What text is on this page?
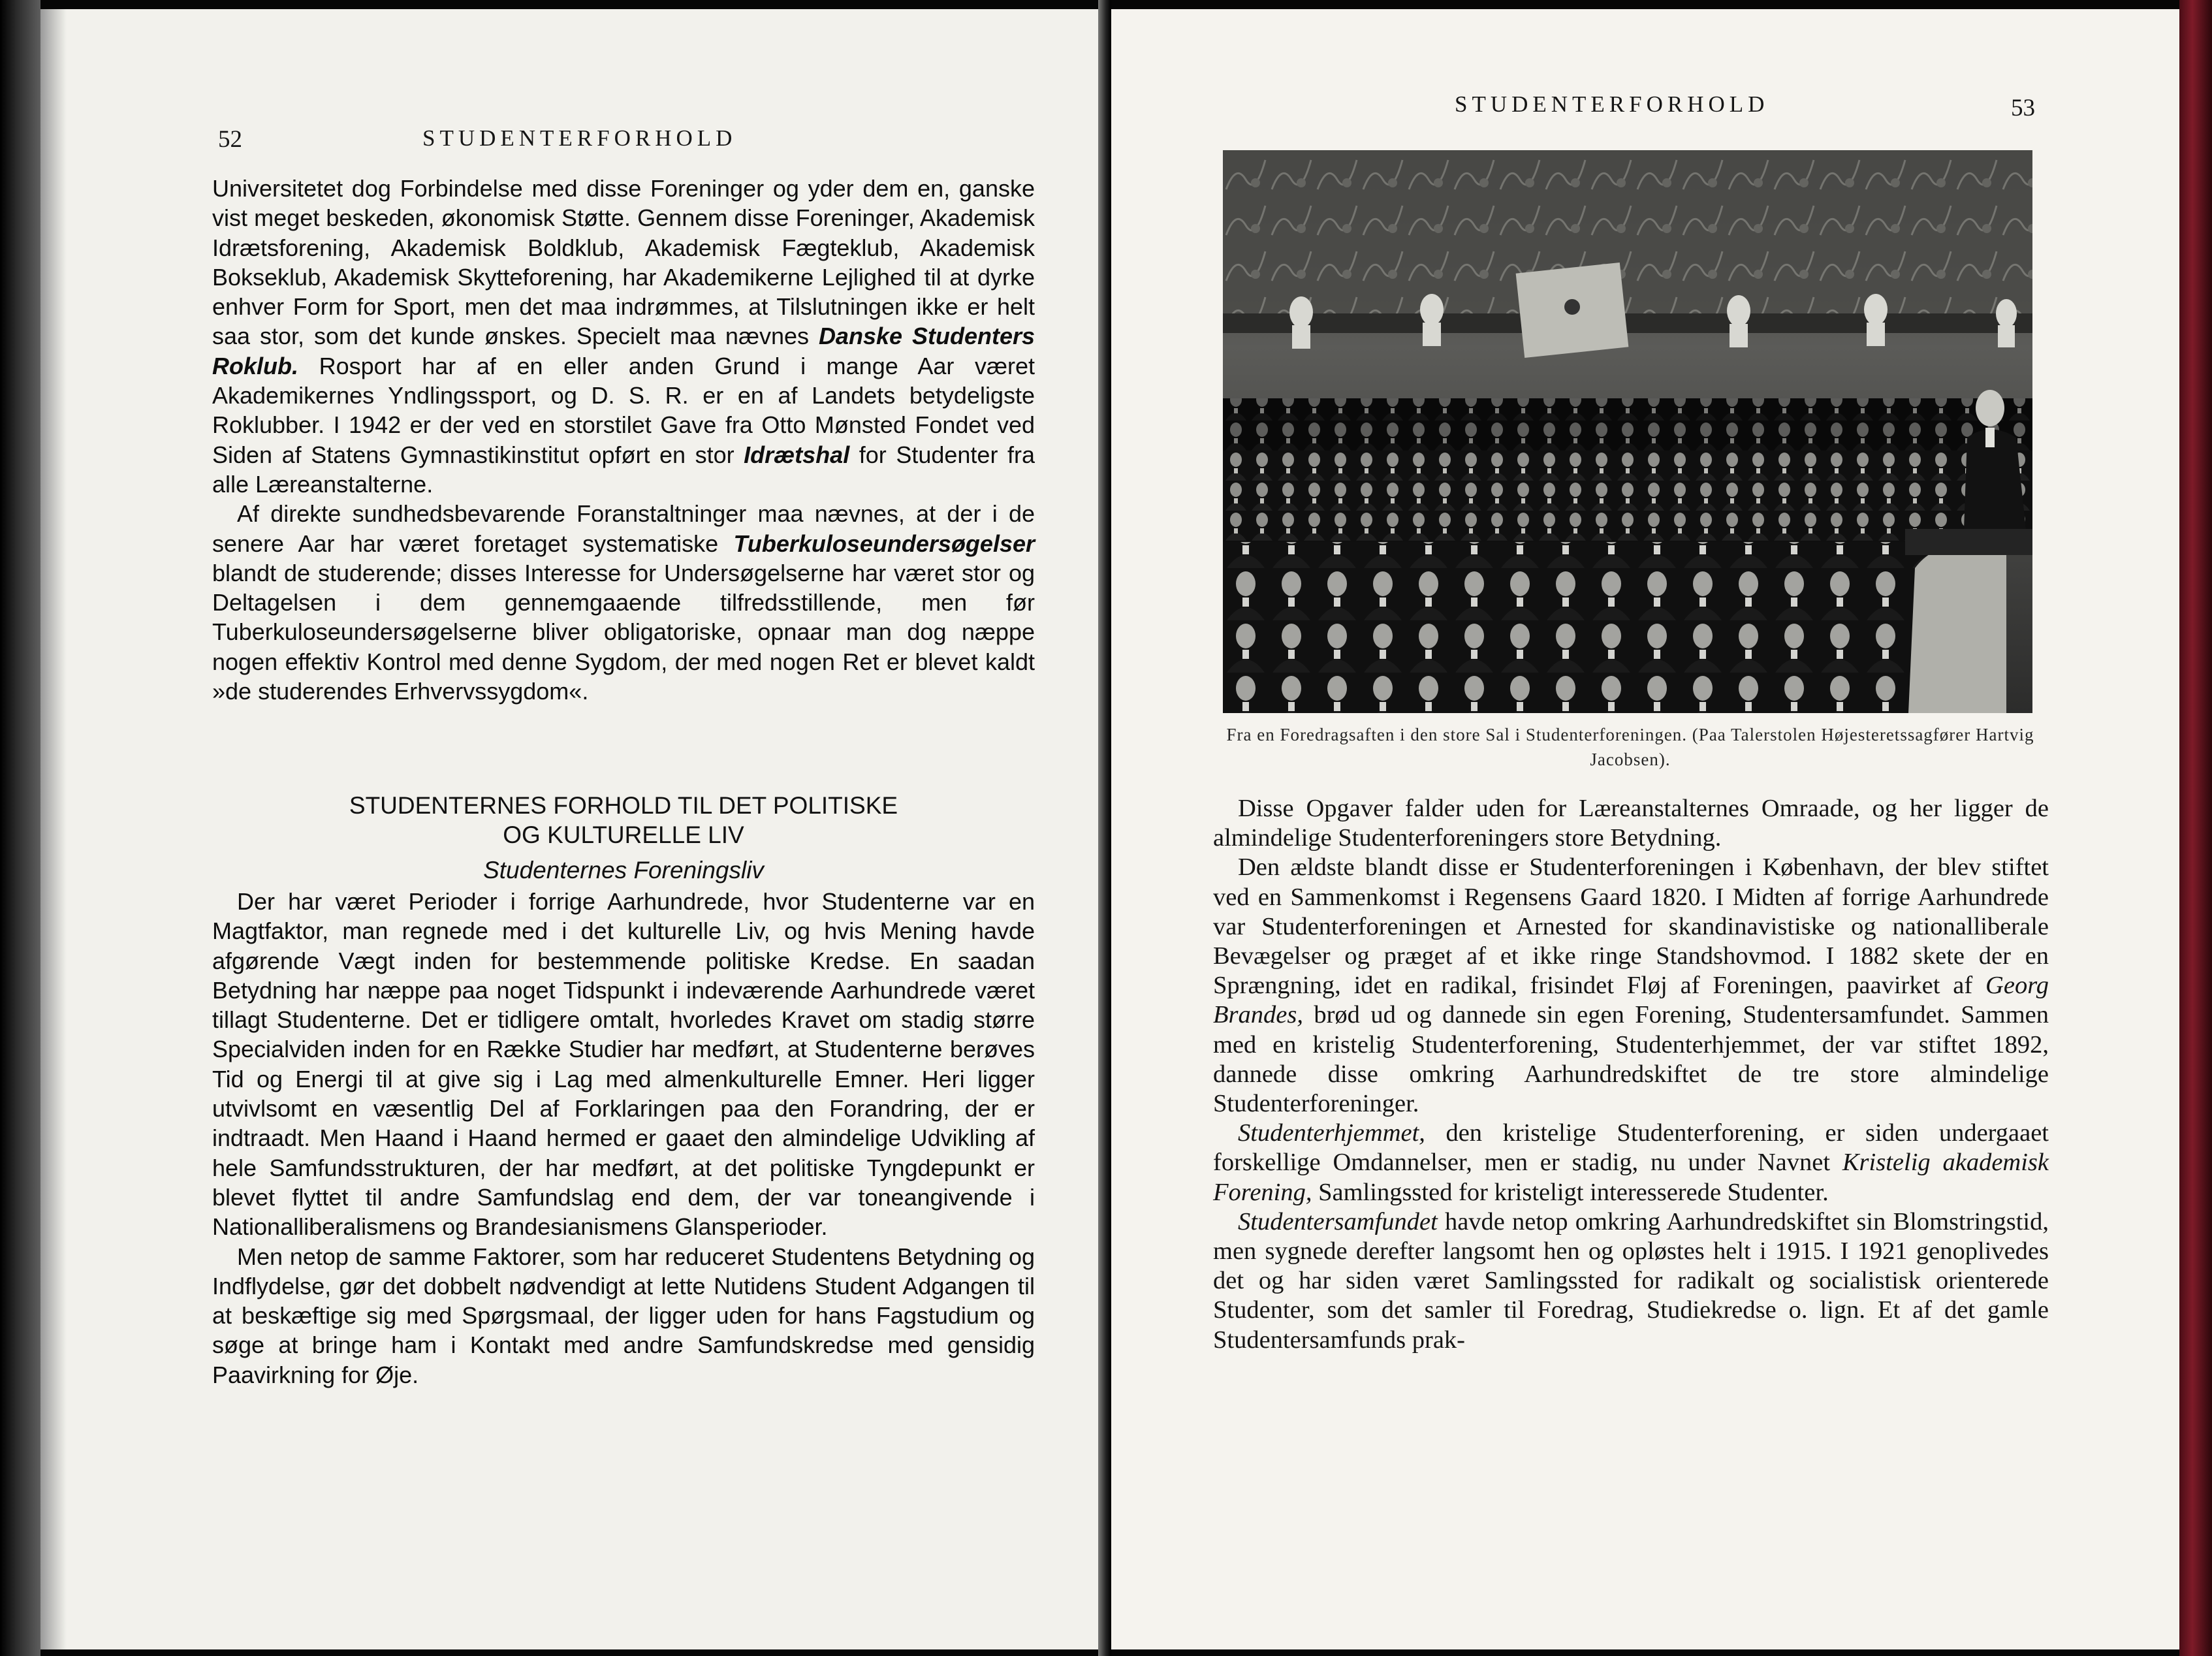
52	STUDENTERFORHOLD

Universitetet dog Forbindelse med disse Foreninger og yder dem en, ganske vist meget beskeden, økonomisk Støtte. Gennem disse Foreninger, Akademisk Idrætsforening, Akademisk Boldklub, Akademisk Fægteklub, Akademisk Bokseklub, Akademisk Skytteforening, har Akademikerne Lejlighed til at dyrke enhver Form for Sport, men det maa indrømmes, at Tilslutningen ikke er helt saa stor, som det kunde ønskes. Specielt maa nævnes Danske Studenters Roklub. Rosport har af en eller anden Grund i mange Aar været Akademikernes Yndlingssport, og D. S. R. er en af Landets betydeligste Roklubber. I 1942 er der ved en storstilet Gave fra Otto Mønsted Fondet ved Siden af Statens Gymnastikinstitut opført en stor Idrætshal for Studenter fra alle Læreanstalterne.

Af direkte sundhedsbevarende Foranstaltninger maa nævnes, at der i de senere Aar har været foretaget systematiske Tuberkuloseundersøgelser blandt de studerende; disses Interesse for Undersøgelserne har været stor og Deltagelsen i dem gennemgaaende tilfredsstillende, men før Tuberkuloseundersøgelserne bliver obligatoriske, opnaar man dog næppe nogen effektiv Kontrol med denne Sygdom, der med nogen Ret er blevet kaldt »de studerendes Erhvervssygdom«.

STUDENTERNES FORHOLD TIL DET POLITISKE
OG KULTURELLE LIV
Studenternes Foreningsliv

Der har været Perioder i forrige Aarhundrede, hvor Studenterne var en Magtfaktor, man regnede med i det kulturelle Liv, og hvis Mening havde afgørende Vægt inden for bestemmende politiske Kredse. En saadan Betydning har næppe paa noget Tidspunkt i indeværende Aarhundrede været tillagt Studenterne. Det er tidligere omtalt, hvorledes Kravet om stadig større Specialviden inden for en Række Studier har medført, at Studenterne berøves Tid og Energi til at give sig i Lag med almenkulturelle Emner. Heri ligger utvivlsomt en væsentlig Del af Forklaringen paa den Forandring, der er indtraadt. Men Haand i Haand hermed er gaaet den almindelige Udvikling af hele Samfundsstrukturen, der har medført, at det politiske Tyngdepunkt er blevet flyttet til andre Samfundslag end dem, der var toneangivende i Nationalliberalismens og Brandesianismens Glansperioder.

Men netop de samme Faktorer, som har reduceret Studentens Betydning og Indflydelse, gør det dobbelt nødvendigt at lette Nutidens Student Adgangen til at beskæftige sig med Spørgsmaal, der ligger uden for hans Fagstudium og søge at bringe ham i Kontakt med andre Samfundskredse med gensidig Paavirkning for Øje.

STUDENTERFORHOLD	53
Fra en Foredragsaften i den store Sal i Studenterforeningen. (Paa Talerstolen Højesteretssagfører Hartvig Jacobsen).

Disse Opgaver falder uden for Læreanstalternes Omraade, og her ligger de almindelige Studenterforeningers store Betydning.

Den ældste blandt disse er Studenterforeningen i København, der blev stiftet ved en Sammenkomst i Regensens Gaard 1820. I Midten af forrige Aarhundrede var Studenterforeningen et Arnested for skandinavistiske og nationalliberale Bevægelser og præget af et ikke ringe Standshovmod. I 1882 skete der en Sprængning, idet en radikal, frisindet Fløj af Foreningen, paavirket af Georg Brandes, brød ud og dannede sin egen Forening, Studentersamfundet. Sammen med en kristelig Studenterforening, Studenterhjemmet, der var stiftet 1892, dannede disse omkring Aarhundredskiftet de tre store almindelige Studenterforeninger.

Studenterhjemmet, den kristelige Studenterforening, er siden undergaaet forskellige Omdannelser, men er stadig, nu under Navnet Kristelig akademisk Forening, Samlingssted for kristeligt interesserede Studenter.

Studentersamfundet havde netop omkring Aarhundredskiftet sin Blomstringstid, men sygnede derefter langsomt hen og opløstes helt i 1915. I 1921 genoplivedes det og har siden været Samlingssted for radikalt og socialistisk orienterede Studenter, som det samler til Foredrag, Studiekredse o. lign. Et af det gamle Studentersamfunds prak-
